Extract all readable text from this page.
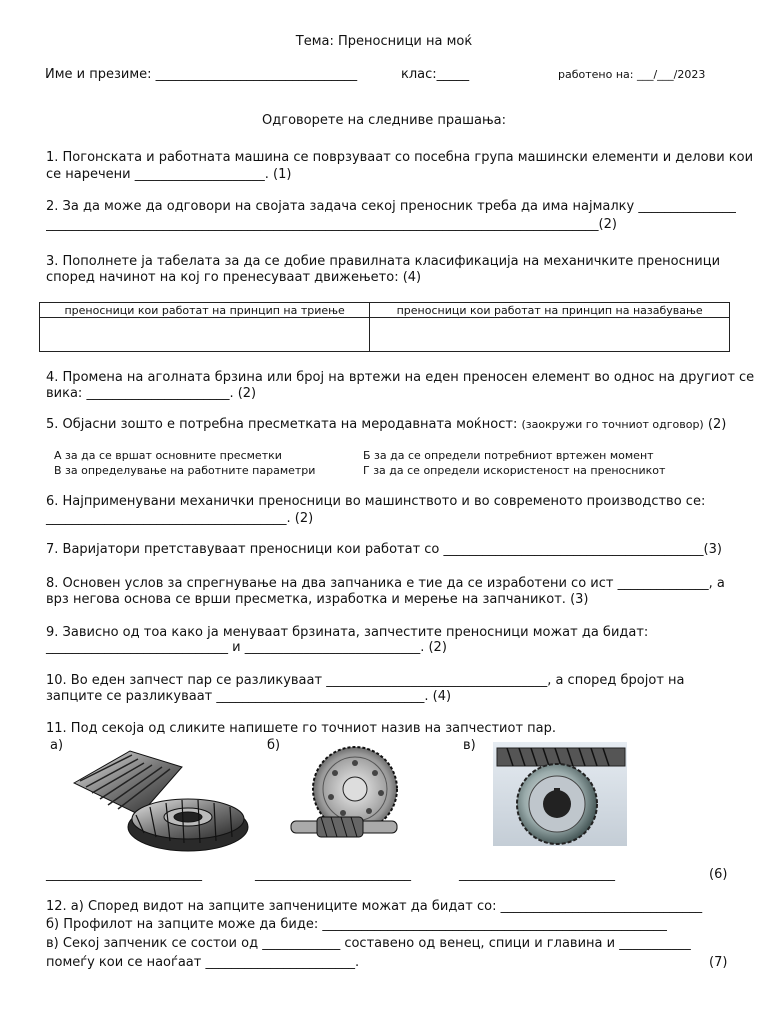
Тема: Преносници на моќ
Име и презиме: _______________________________	клас:_____	работено на: ___/___/2023
Одговорете на следниве прашања:
1. Погонската и работната машина се поврзуваат со посебна група машински елементи и делови кои
се наречени ____________________. (1)
2. За да може да одговори на својата задача секој преносник треба да има најмалку _______________
_____________________________________________________________________________________(2)
3. Пополнете ја табелата за да се добие правилната класификација на механичките преносници
според начинот на кој го пренесуваат движењето: (4)
преносници кои работат на принцип на триење	преносници кои работат на принцип на назабување

4. Промена на аголната брзина или број на вртежи на еден преносен елемент во однос на другиот се
вика: ______________________. (2)
5. Објасни зошто е потребна пресметката на меродавната моќност: (заокружи го точниот одговор) (2)
А за да се вршат основните пресметки	Б за да се определи потребниот вртежен момент
В за определување на работните параметри	Г за да се определи искористеност на преносникот
6. Најприменувани механички преносници во машинството и во современото производство се:
_____________________________________. (2)
7. Варијатори претставуваат преносници кои работат со ________________________________________(3)
8. Основен услов за спрегнување на два запчаника е тие да се изработени со ист ______________, а
врз негова основа се врши пресметка, изработка и мерење на запчаникот. (3)
9. Зависно од тоа како ја менуваат брзината, запчестите преносници можат да бидат:
____________________________ и ___________________________. (2)
10. Во еден запчест пар се разликуваат __________________________________, а според бројот на
запците се разликуваат ________________________________. (4)
11. Под секоја од сликите напишете го точниот назив на запчестиот пар.
а)	б)	в)
________________________	________________________	________________________	(6)
12. а) Според видот на запците запчениците можат да бидат со: _______________________________
б) Профилот на запците може да биде: _____________________________________________________
в) Секој запченик се состои од ____________ составено од венец, спици и главина и ___________
помеѓу кои се наоѓаат _______________________.	(7)
